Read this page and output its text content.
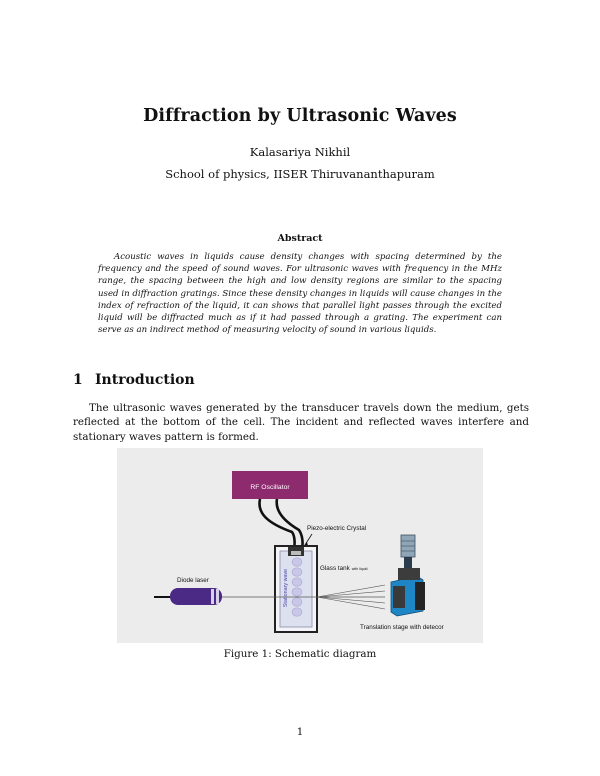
Diffraction by Ultrasonic Waves
Kalasariya Nikhil
School of physics, IISER Thiruvananthapuram
Abstract

Acoustic waves in liquids cause density changes with spacing determined by the frequency and the speed of sound waves. For ultrasonic waves with frequency in the MHz range, the spacing between the high and low density regions are similar to the spacing used in diffraction gratings. Since these density changes in liquids will cause changes in the index of refraction of the liquid, it can shows that parallel light passes through the excited liquid will be diffracted much as if it had passed through a grating. The experiment can serve as an indirect method of measuring velocity of sound in various liquids.

1 Introduction

The ultrasonic waves generated by the transducer travels down the medium, gets reflected at the bottom of the cell. The incident and reflected waves interfere and stationary waves pattern is formed.

RF Oscillator
Piezo-electric Crystal
Stationary wave
Glass tank with liquid
Diode laser
Translation stage with detecor
Figure 1: Schematic diagram
1
